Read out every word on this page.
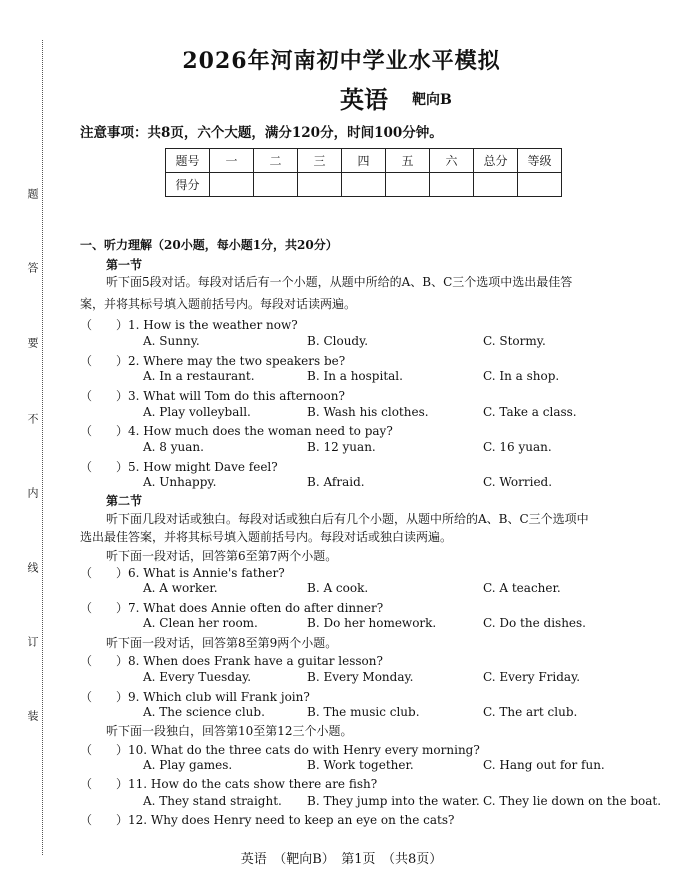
题
答
要
不
内
线
订
装
2026年河南初中学业水平模拟
英语 靶向B
注意事项：共8页，六个大题，满分120分，时间100分钟。
题号	一	二	三	四	五	六	总分	等级
得分								
一、听力理解（20小题，每小题1分，共20分）
第一节
听下面5段对话。每段对话后有一个小题，从题中所给的A、B、C三个选项中选出最佳答
案，并将其标号填入题前括号内。每段对话读两遍。
（　　）1. How is the weather now?
A. Sunny.	B. Cloudy.	C. Stormy.
（　　）2. Where may the two speakers be?
A. In a restaurant.	B. In a hospital.	C. In a shop.
（　　）3. What will Tom do this afternoon?
A. Play volleyball.	B. Wash his clothes.	C. Take a class.
（　　）4. How much does the woman need to pay?
A. 8 yuan.	B. 12 yuan.	C. 16 yuan.
（　　）5. How might Dave feel?
A. Unhappy.	B. Afraid.	C. Worried.
第二节
听下面几段对话或独白。每段对话或独白后有几个小题，从题中所给的A、B、C三个选项中
选出最佳答案，并将其标号填入题前括号内。每段对话或独白读两遍。
听下面一段对话，回答第6至第7两个小题。
（　　）6. What is Annie's father?
A. A worker.	B. A cook.	C. A teacher.
（　　）7. What does Annie often do after dinner?
A. Clean her room.	B. Do her homework.	C. Do the dishes.
听下面一段对话，回答第8至第9两个小题。
（　　）8. When does Frank have a guitar lesson?
A. Every Tuesday.	B. Every Monday.	C. Every Friday.
（　　）9. Which club will Frank join?
A. The science club.	B. The music club.	C. The art club.
听下面一段独白，回答第10至第12三个小题。
（　　）10. What do the three cats do with Henry every morning?
A. Play games.	B. Work together.	C. Hang out for fun.
（　　）11. How do the cats show there are fish?
A. They stand straight. B. They jump into the water. C. They lie down on the boat.
（　　）12. Why does Henry need to keep an eye on the cats?
英语　（靶向B）　第1页　（共8页）
